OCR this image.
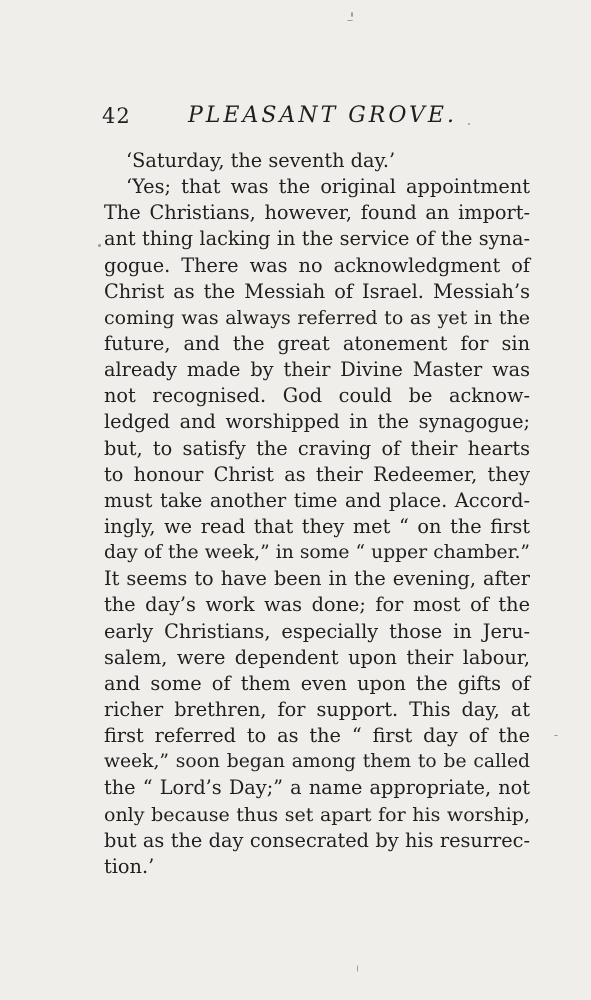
42	PLEASANT GROVE.
‘Saturday, the seventh day.’
‘Yes; that was the original appointment
The Christians, however, found an import-
ant thing lacking in the service of the syna-
gogue. There was no acknowledgment of
Christ as the Messiah of Israel. Messiah’s
coming was always referred to as yet in the
future, and the great atonement for sin
already made by their Divine Master was
not recognised. God could be acknow-
ledged and worshipped in the synagogue;
but, to satisfy the craving of their hearts
to honour Christ as their Redeemer, they
must take another time and place. Accord-
ingly, we read that they met “ on the first
day of the week,” in some “ upper chamber.”
It seems to have been in the evening, after
the day’s work was done; for most of the
early Christians, especially those in Jeru-
salem, were dependent upon their labour,
and some of them even upon the gifts of
richer brethren, for support. This day, at
first referred to as the “ first day of the
week,” soon began among them to be called
the “ Lord’s Day;” a name appropriate, not
only because thus set apart for his worship,
but as the day consecrated by his resurrec-
tion.’
